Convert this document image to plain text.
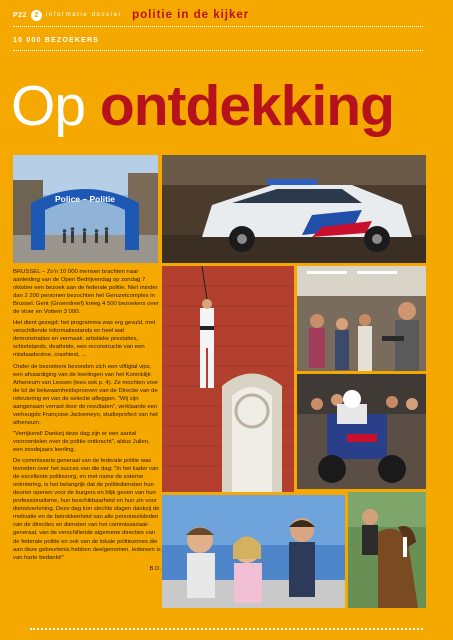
P22	2	informatie dossier politie in de kijker
10 000 BEZOEKERS
Op ontdekking
Police – Politie

BRUSSEL – Zo'n 10 000 mensen brachten naar aanleiding van de Open Bedrijvendag op zondag 7 oktober een bezoek aan de federale politie. Niet minder dan 2 200 personen bezochten het Geruzetcomplex in Brussel. Gent (Groendreef) kreeg 4 500 bezoekers over de vloer en Vottem 3 000.

Het dient gezegd: het programma was erg gevuld, met verschillende informatiestands en heel wat demonstraties en vermaak: artistieke prestaties, schietstands, deathride, een reconstructie van een misdaadscène, crashtest, ...

Onder de bezoekers bevonden zich een viftigtal vips, een afvaardiging van de leerlingen van het Koninklijk Atheneum van Lessen (lees ook p. 4). Ze mochten voor de lol de bekwaamheidsproeven van de Directie van de rekrutering en van de selectie afleggen. "Wij zijn aangenaam verrast door de resultaten", verklaarde een verheugde Françoise Jackemeyn, studieprefect van het atheneum.

"Verrijkend! Dankzij deze dag zijn er een aantal vooroordelen over de politie ontkracht", aldus Julien, een zesdejaars leerling.

De commissaris-generaal van de federale politie was tevreden over het succes van die dag: "In het kader van de excellente politiezorg, en met name de externe oriëntering, is het belangrijk dat de politiediensten hun deuren openen voor de burgers en blijk geven van hun professionalisme, hun beschikbaarheid en hun zin voor dienstverlening. Deze dag kon slechts slagen dankzij de motivatie en de betrokkenheid van alle personeelsleden van de directies en diensten van het commissariaat-generaal, van de verschillende algemene directies van de federale politie en ook van de lokale politiezones die aan deze gebeurtenis hebben deelgenomen. Iedereen is van harte bedankt!"

B.D.
